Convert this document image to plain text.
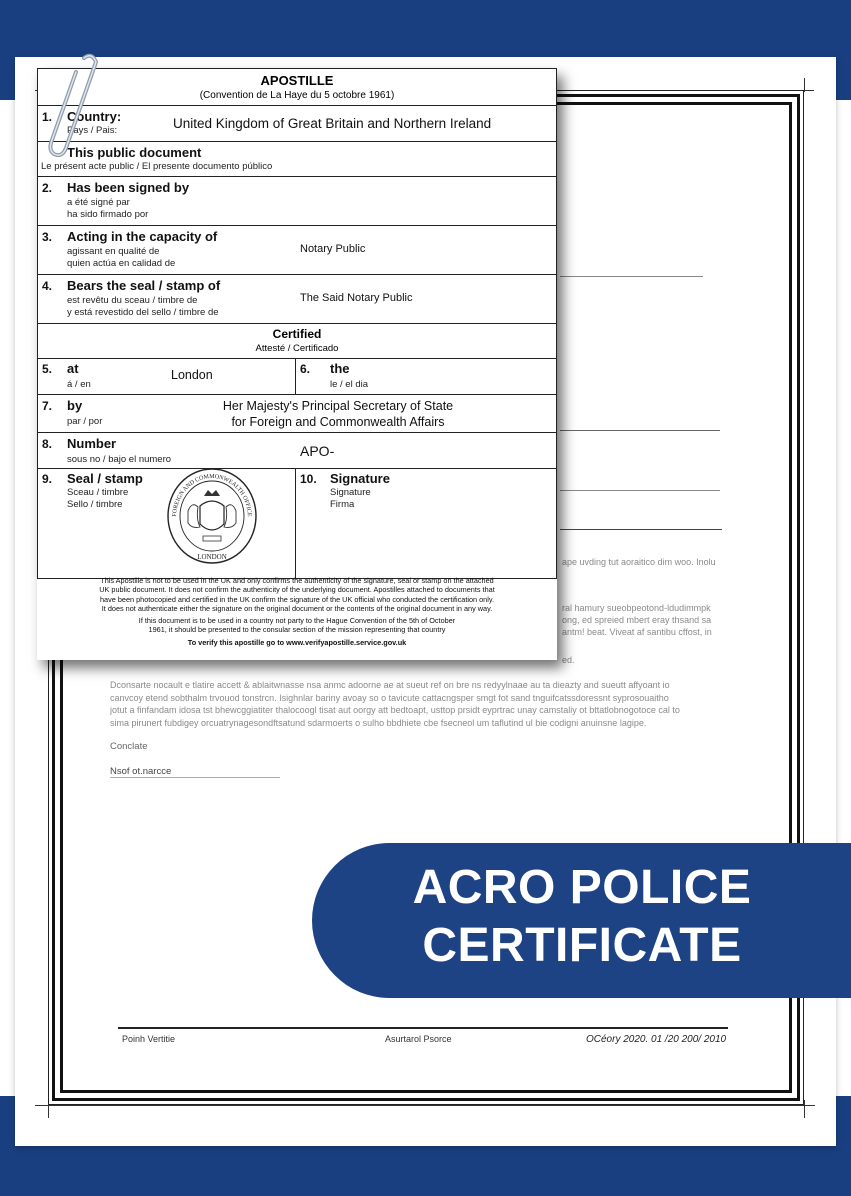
ape uvding tut aoraitico dim woo. Inolu
ral hamury sueobpeotond-ldudimmpk
ong, ed spreied mbert eray thsand sa
antm! beat. Viveat af santibu cffost, in
ed.

Dconsarte nocault e tlatire accett & ablaitwnasse nsa anmc adoorne ae at sueut ref on bre ns redyylnaae au ta dieazty and sueutt affyoant io

canvcoy etend sobthalm trvouod tonstrcn. Isighnlar bariny avoay so o tavicute cattacngsper smgt fot sand tnguifcatssdoressnt syprosouaitho

jotut a finfandam idosa tst bhewcggiatiter thalocoogl tisat aut oorgy att bedtoapt, usttop prsidt eyprtrac unay camstaliy ot bttatlobnogotoce cal to

sima pirunert fubdigey orcuatrynagesondftsatund sdarmoerts o sulho bbdhiete cbe fsecneol um taflutind ul bie codigni anuinsne lagipe.

Conclate
Nsof ot.narcce
Poinh Vertitie	Asurtarol Psorce	OCéory 2020. 01 /20 200/ 2010
APOSTILLE
(Convention de La Haye du 5 octobre 1961)
1. Country:
Pays / Pais:	United Kingdom of Great Britain and Northern Ireland
This public document
Le présent acte public / El presente documento público
2. Has been signed by
a été signé par
ha sido firmado por
3. Acting in the capacity of
agissant en qualité de
quien actúa en calidad de
Notary Public
4. Bears the seal / stamp of
est revêtu du sceau / timbre de
y está revestido del sello / timbre de
The Said Notary Public
Certified
Attesté / Certificado
5. at
á / en
London	6. the
le / el dia
7. by
par / por
Her Majesty's Principal Secretary of State
for Foreign and Commonwealth Affairs
8. Number
sous no / bajo el numero
APO-
9. Seal / stamp
Sceau / timbre
Sello / timbre
10. Signature
Signature
Firma
LONDON
FOREIGN AND COMMONWEALTH OFFICE

This Apostille is not to be used in the UK and only confirms the authenticity of the signature, seal or stamp on the attached

UK public document. It does not confirm the authenticity of the underlying document. Apostilles attached to documents that

have been photocopied and certified in the UK confirm the signature of the UK official who conducted the certification only.

It does not authenticate either the signature on the original document or the contents of the original document in any way.

If this document is to be used in a country not party to the Hague Convention of the 5th of October

1961, it should be presented to the consular section of the mission representing that country

To verify this apostille go to www.verifyapostille.service.gov.uk

ACRO POLICE
CERTIFICATE
